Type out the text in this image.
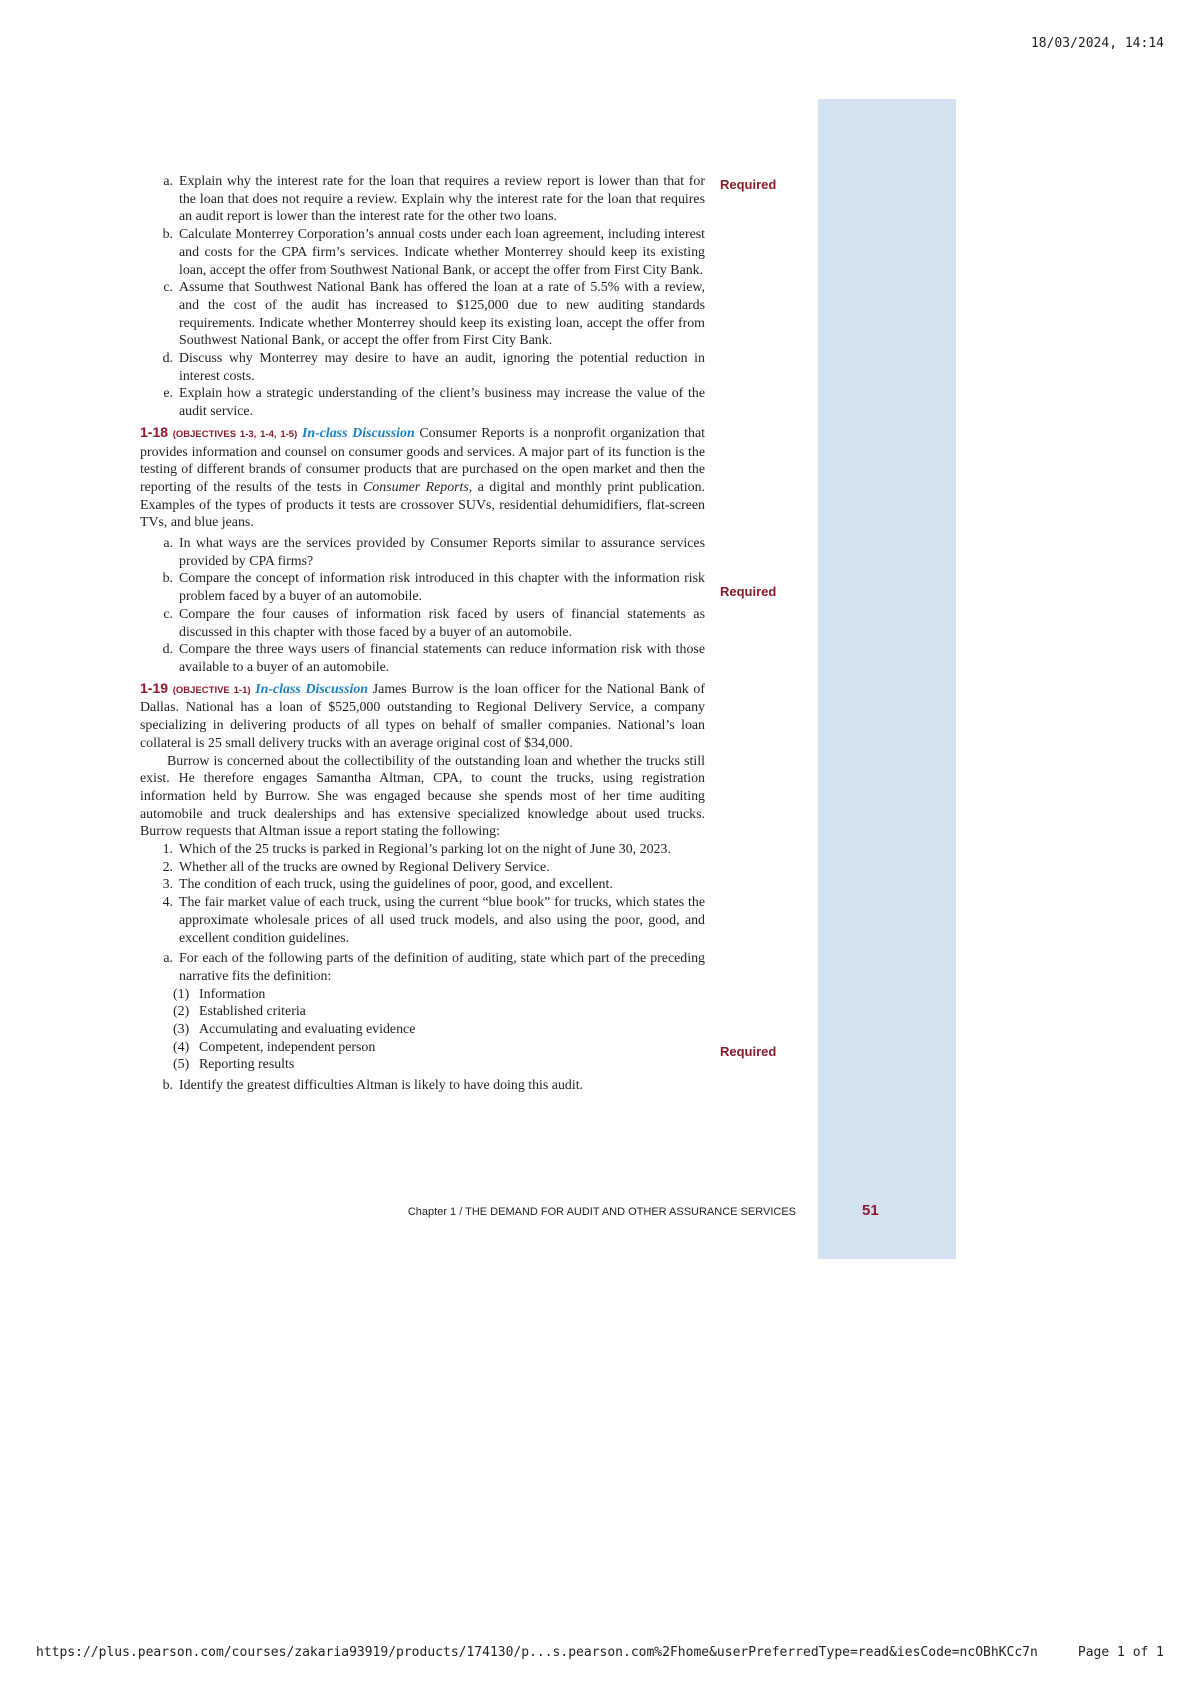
18/03/2024, 14:14
Required
Required
Required
a. Explain why the interest rate for the loan that requires a review report is lower than that for the loan that does not require a review. Explain why the interest rate for the loan that requires an audit report is lower than the interest rate for the other two loans.
b. Calculate Monterrey Corporation’s annual costs under each loan agreement, including interest and costs for the CPA firm’s services. Indicate whether Monterrey should keep its existing loan, accept the offer from Southwest National Bank, or accept the offer from First City Bank.
c. Assume that Southwest National Bank has offered the loan at a rate of 5.5% with a review, and the cost of the audit has increased to $125,000 due to new auditing standards requirements. Indicate whether Monterrey should keep its existing loan, accept the offer from Southwest National Bank, or accept the offer from First City Bank.
d. Discuss why Monterrey may desire to have an audit, ignoring the potential reduction in interest costs.
e. Explain how a strategic understanding of the client’s business may increase the value of the audit service.
1-18 (OBJECTIVES 1-3, 1-4, 1-5) In-class Discussion Consumer Reports is a nonprofit organization that provides information and counsel on consumer goods and services. A major part of its function is the testing of different brands of consumer products that are purchased on the open market and then the reporting of the results of the tests in Consumer Reports, a digital and monthly print publication. Examples of the types of products it tests are crossover SUVs, residential dehumidifiers, flat-screen TVs, and blue jeans.
a. In what ways are the services provided by Consumer Reports similar to assurance services provided by CPA firms?
b. Compare the concept of information risk introduced in this chapter with the information risk problem faced by a buyer of an automobile.
c. Compare the four causes of information risk faced by users of financial statements as discussed in this chapter with those faced by a buyer of an automobile.
d. Compare the three ways users of financial statements can reduce information risk with those available to a buyer of an automobile.
1-19 (OBJECTIVE 1-1) In-class Discussion James Burrow is the loan officer for the National Bank of Dallas. National has a loan of $525,000 outstanding to Regional Delivery Service, a company specializing in delivering products of all types on behalf of smaller companies. National’s loan collateral is 25 small delivery trucks with an average original cost of $34,000.
Burrow is concerned about the collectibility of the outstanding loan and whether the trucks still exist. He therefore engages Samantha Altman, CPA, to count the trucks, using registration information held by Burrow. She was engaged because she spends most of her time auditing automobile and truck dealerships and has extensive specialized knowledge about used trucks. Burrow requests that Altman issue a report stating the following:
1. Which of the 25 trucks is parked in Regional’s parking lot on the night of June 30, 2023.
2. Whether all of the trucks are owned by Regional Delivery Service.
3. The condition of each truck, using the guidelines of poor, good, and excellent.
4. The fair market value of each truck, using the current “blue book” for trucks, which states the approximate wholesale prices of all used truck models, and also using the poor, good, and excellent condition guidelines.
a. For each of the following parts of the definition of auditing, state which part of the preceding narrative fits the definition:
(1) Information
(2) Established criteria
(3) Accumulating and evaluating evidence
(4) Competent, independent person
(5) Reporting results
b. Identify the greatest difficulties Altman is likely to have doing this audit.
Chapter 1 / THE DEMAND FOR AUDIT AND OTHER ASSURANCE SERVICES	51
https://plus.pearson.com/courses/zakaria93919/products/174130/p...s.pearson.com%2Fhome&userPreferredType=read&iesCode=ncOBhKCc7n	Page 1 of 1
